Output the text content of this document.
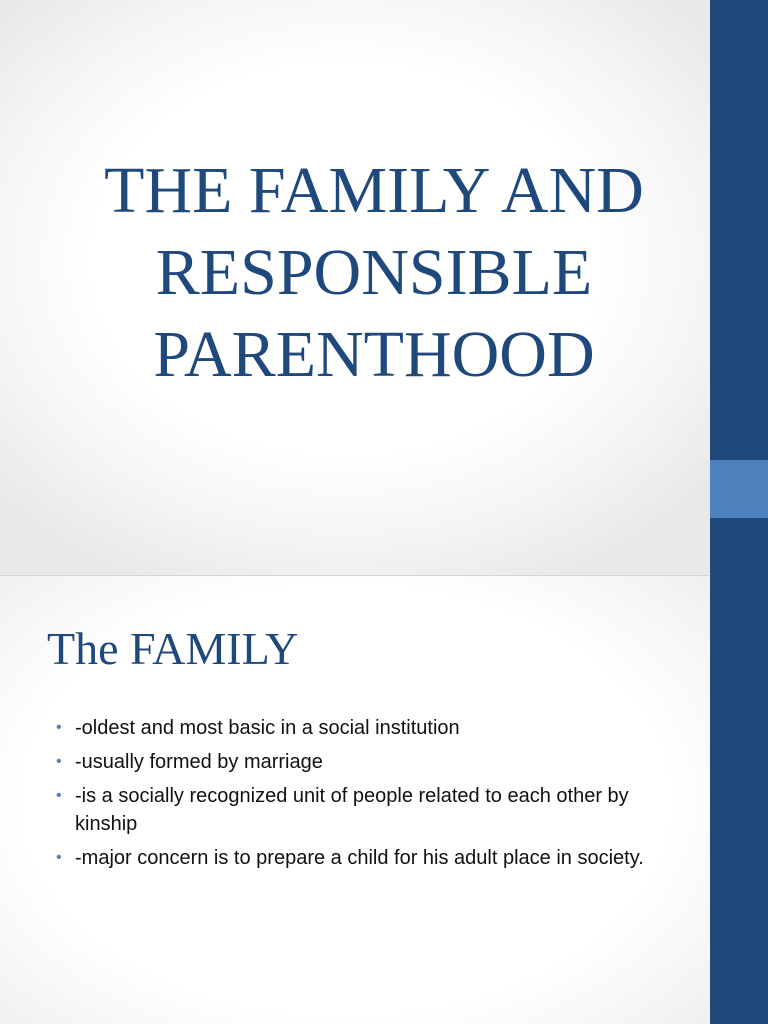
THE FAMILY AND
RESPONSIBLE
PARENTHOOD
The FAMILY
• -oldest and most basic in a social institution
• -usually formed by marriage
• -is a socially recognized unit of people related to each other by kinship
• -major concern is to prepare a child for his adult place in society.
